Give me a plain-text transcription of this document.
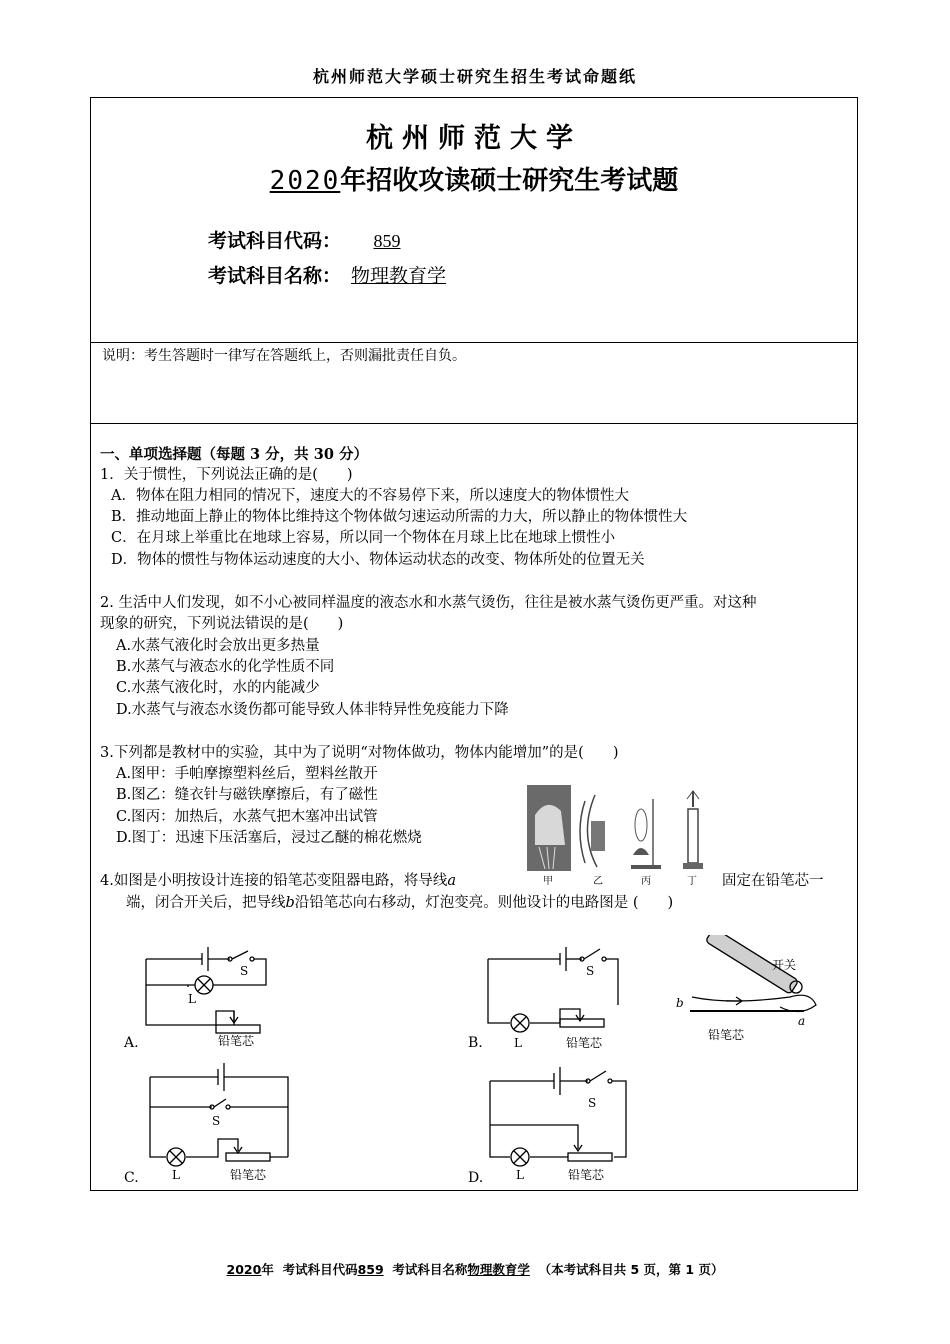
杭州师范大学硕士研究生招生考试命题纸
杭州师范大学
2020年招收攻读硕士研究生考试题
考试科目代码： 859
考试科目名称： 物理教育学
说明：考生答题时一律写在答题纸上，否则漏批责任自负。
一、单项选择题（每题 3 分，共 30 分）
1．关于惯性，下列说法正确的是(　　)
A．物体在阻力相同的情况下，速度大的不容易停下来，所以速度大的物体惯性大
B．推动地面上静止的物体比维持这个物体做匀速运动所需的力大，所以静止的物体惯性大
C．在月球上举重比在地球上容易，所以同一个物体在月球上比在地球上惯性小
D．物体的惯性与物体运动速度的大小、物体运动状态的改变、物体所处的位置无关
2. 生活中人们发现，如不小心被同样温度的液态水和水蒸气烫伤，往往是被水蒸气烫伤更严重。对这种
现象的研究，下列说法错误的是(　　)
A.水蒸气液化时会放出更多热量
B.水蒸气与液态水的化学性质不同
C.水蒸气液化时，水的内能减少
D.水蒸气与液态水烫伤都可能导致人体非特异性免疫能力下降
3.下列都是教材中的实验，其中为了说明“对物体做功，物体内能增加”的是(　　)
A.图甲：手帕摩擦塑料丝后，塑料丝散开
B.图乙：缝衣针与磁铁摩擦后，有了磁性
C.图丙：加热后，水蒸气把木塞冲出试管
D.图丁：迅速下压活塞后，浸过乙醚的棉花燃烧
甲	乙	丙	丁
4.如图是小明按设计连接的铅笔芯变阻器电路，将导线a	固定在铅笔芯一
端，闭合开关后，把导线b沿铅笔芯向右移动，灯泡变亮。则他设计的电路图是 (　　)
S
L
铅笔芯
S
L	铅笔芯
开关
b
a
铅笔芯
S
L	铅笔芯
S
L	铅笔芯
A.	B.
C.	D.
2020年 考试科目代码859 考试科目名称物理教育学 （本考试科目共 5 页，第 1 页）
